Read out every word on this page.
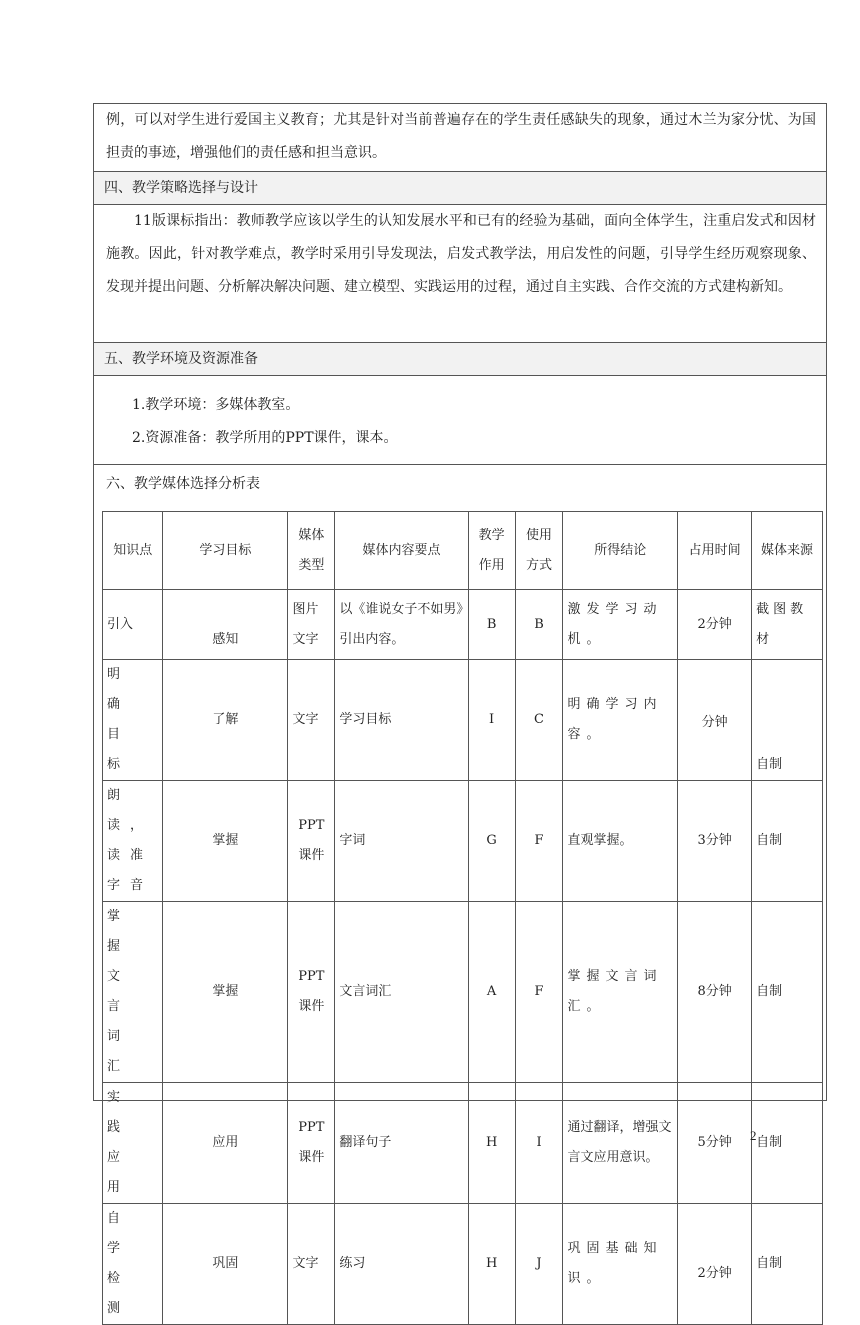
例，可以对学生进行爱国主义教育；尤其是针对当前普遍存在的学生责任感缺失的现象，通过木兰为家分忧、为国担责的事迹，增强他们的责任感和担当意识。
四、教学策略选择与设计
11版课标指出：教师教学应该以学生的认知发展水平和已有的经验为基础，面向全体学生，注重启发式和因材施教。因此，针对教学难点，教学时采用引导发现法，启发式教学法，用启发性的问题，引导学生经历观察现象、发现并提出问题、分析解决解决问题、建立模型、实践运用的过程，通过自主实践、合作交流的方式建构新知。
五、教学环境及资源准备
1.教学环境：多媒体教室。
2.资源准备：教学所用的PPT课件，课本。
六、教学媒体选择分析表
知识点	学习目标	媒体类型	媒体内容要点	教学作用	使用方式	所得结论	占用时间	媒体来源
引入	感知	图片文字	以《谁说女子不如男》引出内容。	B	B	激发学习动机。	2分钟	截图教材
明确目标	了解	文字	学习目标	I	C	明确学习内容。	分钟	自制
朗读，读准字音	掌握	PPT课件	字词	G	F	直观掌握。	3分钟	自制
掌握文言词汇	掌握	PPT课件	文言词汇	A	F	掌握文言词汇。	8分钟	自制
实践应用	应用	PPT课件	翻译句子	H	I	通过翻译，增强文言文应用意识。	5分钟	自制
自学检测	巩固	文字	练习	H	J	巩固基础知识。	2分钟	自制
2
